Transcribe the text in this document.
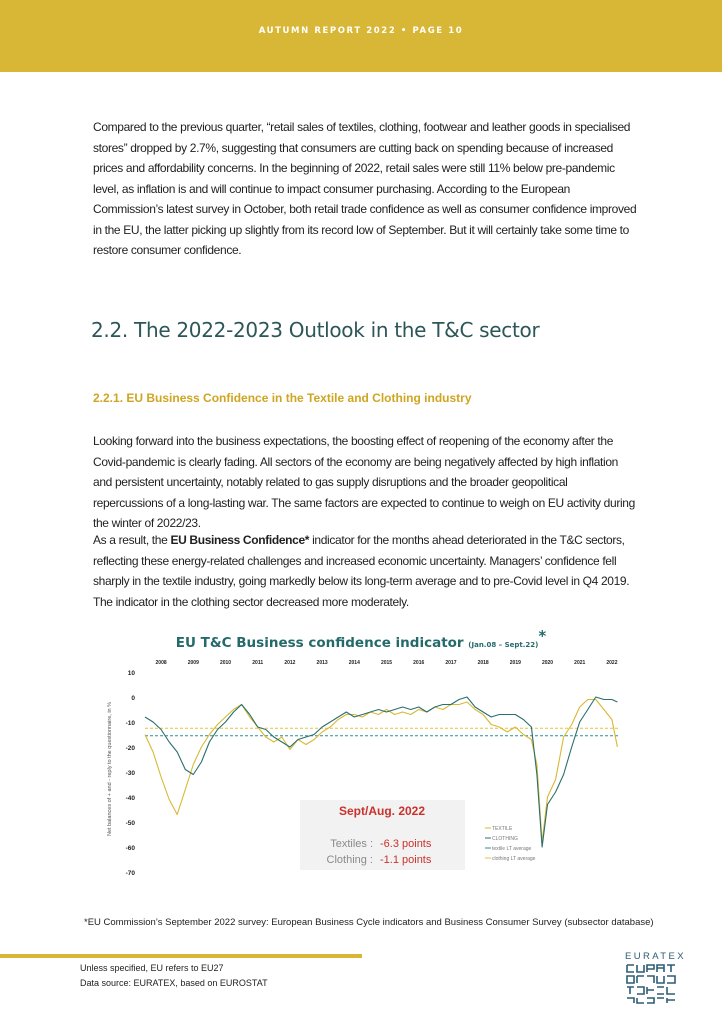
AUTUMN REPORT 2022 • PAGE 10

Compared to the previous quarter, “retail sales of textiles, clothing, footwear and leather goods in specialised stores” dropped by 2.7%, suggesting that consumers are cutting back on spending because of increased prices and affordability concerns. In the beginning of 2022, retail sales were still 11% below pre-pandemic level, as inflation is and will continue to impact consumer purchasing. According to the European Commission’s latest survey in October, both retail trade confidence as well as consumer confidence improved in the EU, the latter picking up slightly from its record low of September. But it will certainly take some time to restore consumer confidence.

2.2. The 2022-2023 Outlook in the T&C sector
2.2.1. EU Business Confidence in the Textile and Clothing industry

Looking forward into the business expectations, the boosting effect of reopening of the economy after the Covid-pandemic is clearly fading. All sectors of the economy are being negatively affected by high inflation and persistent uncertainty, notably related to gas supply disruptions and the broader geopolitical repercussions of a long-lasting war. The same factors are expected to continue to weigh on EU activity during the winter of 2022/23.

As a result, the EU Business Confidence* indicator for the months ahead deteriorated in the T&C sectors, reflecting these energy-related challenges and increased economic uncertainty. Managers’ confidence fell sharply in the textile industry, going markedly below its long-term average and to pre-Covid level in Q4 2019. The indicator in the clothing sector decreased more moderately.

EU T&C Business confidence indicator (Jan.08 – Sept.22)*
Net balances of + and - reply to the questionnaire, in %
2022
2021
2020
2019
2018
2017
2016
2015
2014
2013
2012
2011
2010
2009
2008
-70
-60
-50
-40
-30
-20
-10
0
10
TEXTILE
CLOTHING
textile LT average
clothing LT average
Sept/Aug. 2022
Textiles : -6.3 points
Clothing : -1.1 points

*EU Commission’s September 2022 survey: European Business Cycle indicators and Business Consumer Survey (subsector database)

Unless specified, EU refers to EU27

Data source: EURATEX, based on EUROSTAT

EURATEX
